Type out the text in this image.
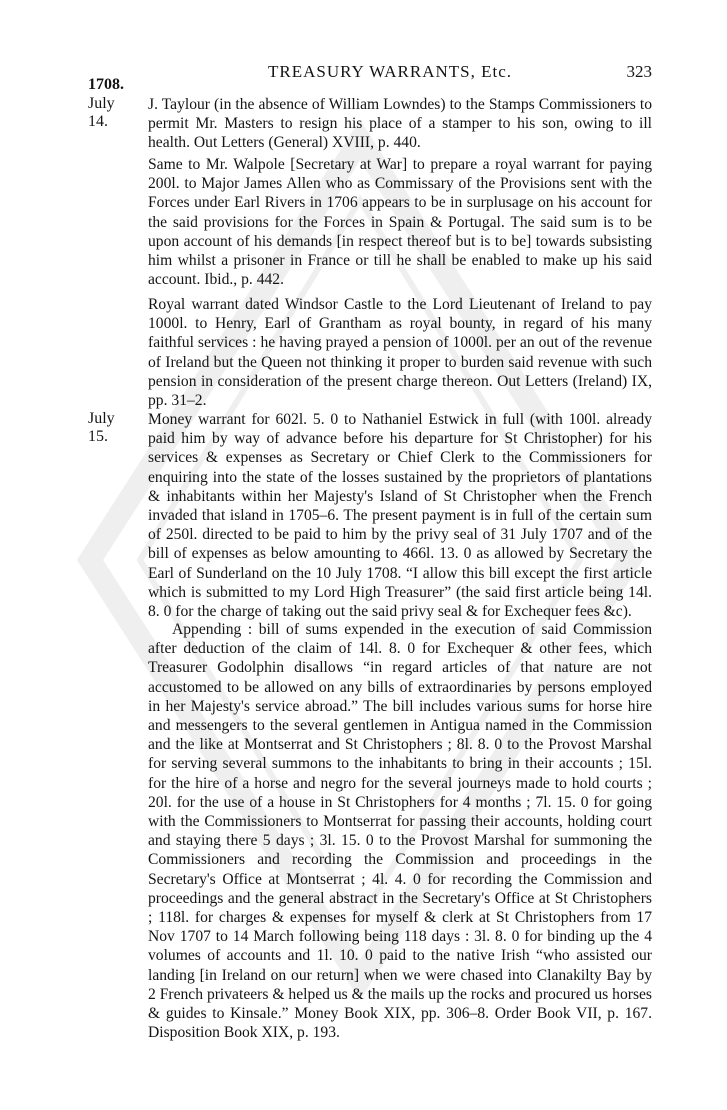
TREASURY WARRANTS, Etc.	323
1708.
July 14.
J. Taylour (in the absence of William Lowndes) to the Stamps Commissioners to permit Mr. Masters to resign his place of a stamper to his son, owing to ill health. Out Letters (General) XVIII, p. 440.
Same to Mr. Walpole [Secretary at War] to prepare a royal warrant for paying 200l. to Major James Allen who as Commissary of the Provisions sent with the Forces under Earl Rivers in 1706 appears to be in surplusage on his account for the said provisions for the Forces in Spain & Portugal. The said sum is to be upon account of his demands [in respect thereof but is to be] towards subsisting him whilst a prisoner in France or till he shall be enabled to make up his said account. Ibid., p. 442.
Royal warrant dated Windsor Castle to the Lord Lieutenant of Ireland to pay 1000l. to Henry, Earl of Grantham as royal bounty, in regard of his many faithful services : he having prayed a pension of 1000l. per an out of the revenue of Ireland but the Queen not thinking it proper to burden said revenue with such pension in consideration of the present charge thereon. Out Letters (Ireland) IX, pp. 31–2.
July 15.
Money warrant for 602l. 5. 0 to Nathaniel Estwick in full (with 100l. already paid him by way of advance before his departure for St Christopher) for his services & expenses as Secretary or Chief Clerk to the Commissioners for enquiring into the state of the losses sustained by the proprietors of plantations & inhabitants within her Majesty's Island of St Christopher when the French invaded that island in 1705–6. The present payment is in full of the certain sum of 250l. directed to be paid to him by the privy seal of 31 July 1707 and of the bill of expenses as below amounting to 466l. 13. 0 as allowed by Secretary the Earl of Sunderland on the 10 July 1708. “I allow this bill except the first article which is submitted to my Lord High Treasurer” (the said first article being 14l. 8. 0 for the charge of taking out the said privy seal & for Exchequer fees &c).
Appending : bill of sums expended in the execution of said Commission after deduction of the claim of 14l. 8. 0 for Exchequer & other fees, which Treasurer Godolphin disallows “in regard articles of that nature are not accustomed to be allowed on any bills of extraordinaries by persons employed in her Majesty's service abroad.” The bill includes various sums for horse hire and messengers to the several gentlemen in Antigua named in the Commission and the like at Montserrat and St Christophers ; 8l. 8. 0 to the Provost Marshal for serving several summons to the inhabitants to bring in their accounts ; 15l. for the hire of a horse and negro for the several journeys made to hold courts ; 20l. for the use of a house in St Christophers for 4 months ; 7l. 15. 0 for going with the Commissioners to Montserrat for passing their accounts, holding court and staying there 5 days ; 3l. 15. 0 to the Provost Marshal for summoning the Commissioners and recording the Commission and proceedings in the Secretary's Office at Montserrat ; 4l. 4. 0 for recording the Commission and proceedings and the general abstract in the Secretary's Office at St Christophers ; 118l. for charges & expenses for myself & clerk at St Christophers from 17 Nov 1707 to 14 March following being 118 days : 3l. 8. 0 for binding up the 4 volumes of accounts and 1l. 10. 0 paid to the native Irish “who assisted our landing [in Ireland on our return] when we were chased into Clanakilty Bay by 2 French privateers & helped us & the mails up the rocks and procured us horses & guides to Kinsale.” Money Book XIX, pp. 306–8. Order Book VII, p. 167. Disposition Book XIX, p. 193.
